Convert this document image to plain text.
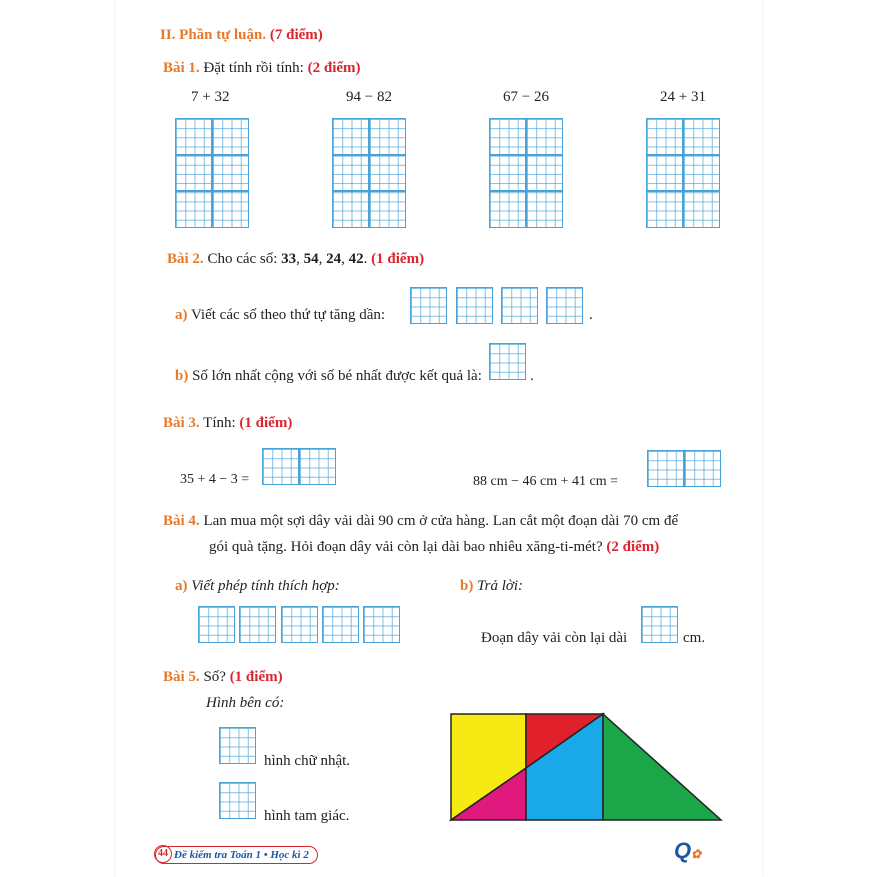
II. Phần tự luận. (7 điểm)
Bài 1. Đặt tính rồi tính: (2 điểm)
7 + 32	94 − 82	67 − 26	24 + 31
Bài 2. Cho các số: 33, 54, 24, 42. (1 điểm)
a) Viết các số theo thứ tự tăng dần:	.
b) Số lớn nhất cộng với số bé nhất được kết quả là:	.
Bài 3. Tính: (1 điểm)
35 + 4 − 3 =	88 cm − 46 cm + 41 cm =
Bài 4. Lan mua một sợi dây vải dài 90 cm ở cửa hàng. Lan cắt một đoạn dài 70 cm để
gói quà tặng. Hỏi đoạn dây vải còn lại dài bao nhiêu xăng-ti-mét? (2 điểm)
a) Viết phép tính thích hợp:	b) Trả lời:
Đoạn dây vải còn lại dài	cm.
Bài 5. Số? (1 điểm)
Hình bên có:
hình chữ nhật.
hình tam giác.
44 Đề kiểm tra Toán 1 • Học kì 2	Q✿
